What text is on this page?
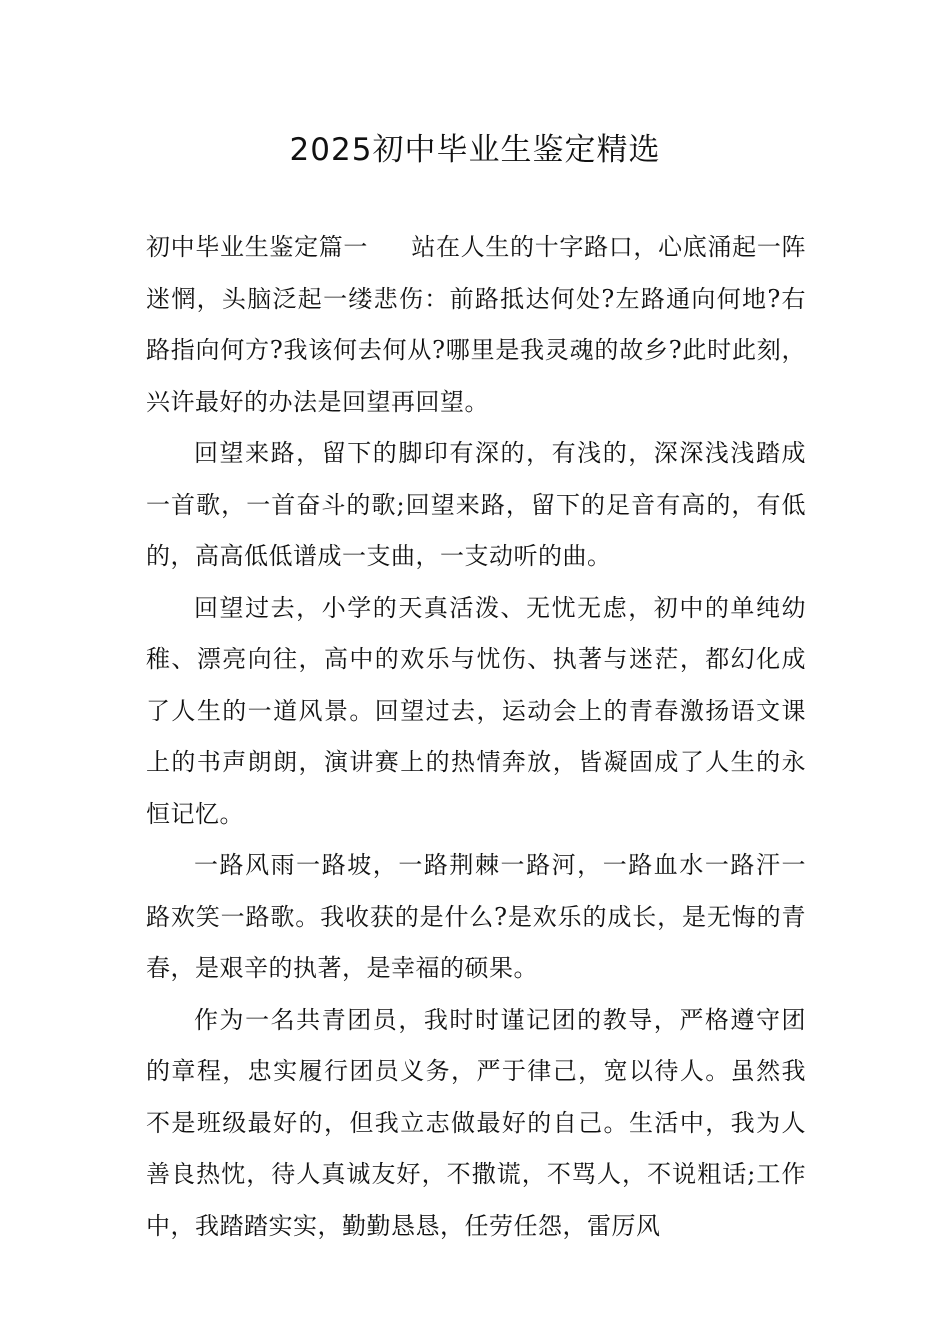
2025初中毕业生鉴定精选

初中毕业生鉴定篇一 站在人生的十字路口，心底涌起一阵迷惘，头脑泛起一缕悲伤：前路抵达何处?左路通向何地?右路指向何方?我该何去何从?哪里是我灵魂的故乡?此时此刻，兴许最好的办法是回望再回望。

回望来路，留下的脚印有深的，有浅的，深深浅浅踏成一首歌，一首奋斗的歌;回望来路，留下的足音有高的，有低的，高高低低谱成一支曲，一支动听的曲。

回望过去，小学的天真活泼、无忧无虑，初中的单纯幼稚、漂亮向往，高中的欢乐与忧伤、执著与迷茫，都幻化成了人生的一道风景。回望过去，运动会上的青春激扬语文课上的书声朗朗，演讲赛上的热情奔放，皆凝固成了人生的永恒记忆。

一路风雨一路坡，一路荆棘一路河，一路血水一路汗一路欢笑一路歌。我收获的是什么?是欢乐的成长，是无悔的青春，是艰辛的执著，是幸福的硕果。

作为一名共青团员，我时时谨记团的教导，严格遵守团的章程，忠实履行团员义务，严于律己，宽以待人。虽然我不是班级最好的，但我立志做最好的自己。生活中，我为人善良热忱，待人真诚友好，不撒谎，不骂人，不说粗话;工作中，我踏踏实实，勤勤恳恳，任劳任怨，雷厉风
